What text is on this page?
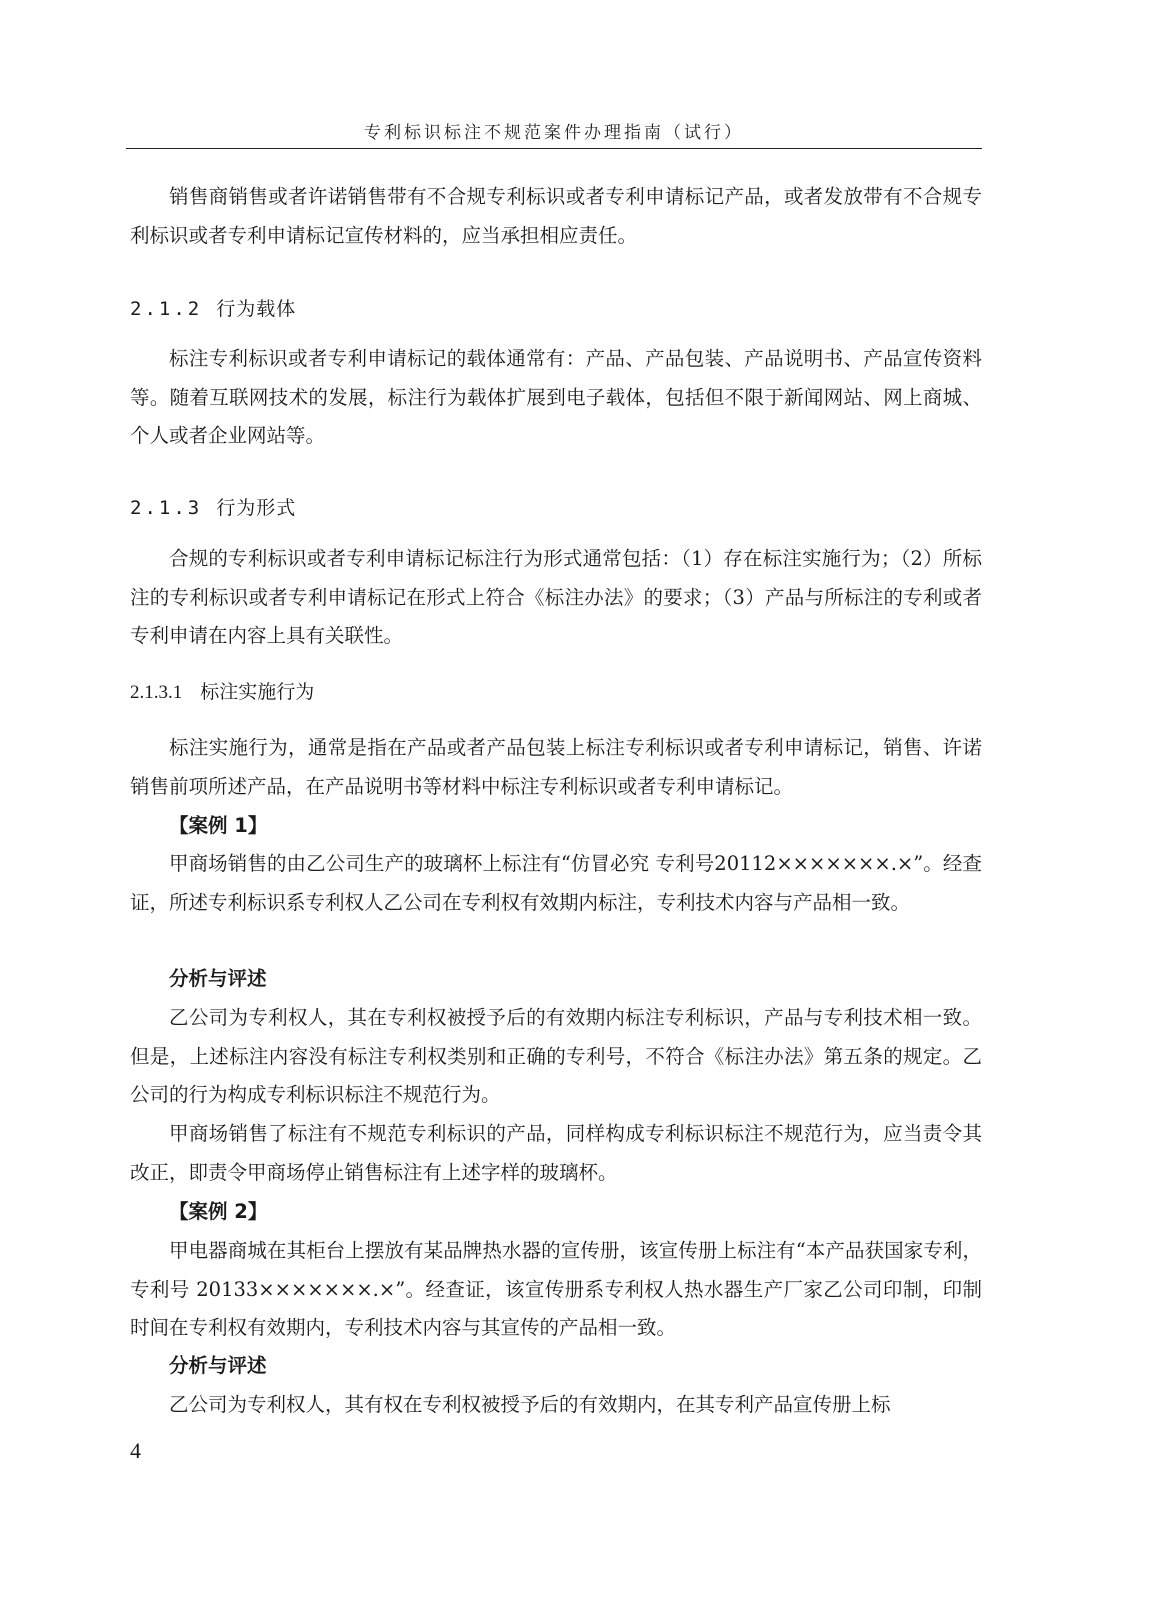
专利标识标注不规范案件办理指南（试行）

销售商销售或者许诺销售带有不合规专利标识或者专利申请标记产品，或者发放带有不合规专利标识或者专利申请标记宣传材料的，应当承担相应责任。

2.1.2 行为载体

标注专利标识或者专利申请标记的载体通常有：产品、产品包装、产品说明书、产品宣传资料等。随着互联网技术的发展，标注行为载体扩展到电子载体，包括但不限于新闻网站、网上商城、个人或者企业网站等。

2.1.3 行为形式

合规的专利标识或者专利申请标记标注行为形式通常包括：（1）存在标注实施行为；（2）所标注的专利标识或者专利申请标记在形式上符合《标注办法》的要求；（3）产品与所标注的专利或者专利申请在内容上具有关联性。

2.1.3.1 标注实施行为

标注实施行为，通常是指在产品或者产品包装上标注专利标识或者专利申请标记，销售、许诺销售前项所述产品，在产品说明书等材料中标注专利标识或者专利申请标记。

【案例 1】

甲商场销售的由乙公司生产的玻璃杯上标注有“仿冒必究 专利号20112×××××××.×”。经查证，所述专利标识系专利权人乙公司在专利权有效期内标注，专利技术内容与产品相一致。

分析与评述

乙公司为专利权人，其在专利权被授予后的有效期内标注专利标识，产品与专利技术相一致。但是，上述标注内容没有标注专利权类别和正确的专利号，不符合《标注办法》第五条的规定。乙公司的行为构成专利标识标注不规范行为。

甲商场销售了标注有不规范专利标识的产品，同样构成专利标识标注不规范行为，应当责令其改正，即责令甲商场停止销售标注有上述字样的玻璃杯。

【案例 2】

甲电器商城在其柜台上摆放有某品牌热水器的宣传册，该宣传册上标注有“本产品获国家专利，专利号 20133×××××××.×”。经查证，该宣传册系专利权人热水器生产厂家乙公司印制，印制时间在专利权有效期内，专利技术内容与其宣传的产品相一致。

分析与评述

乙公司为专利权人，其有权在专利权被授予后的有效期内，在其专利产品宣传册上标

4
